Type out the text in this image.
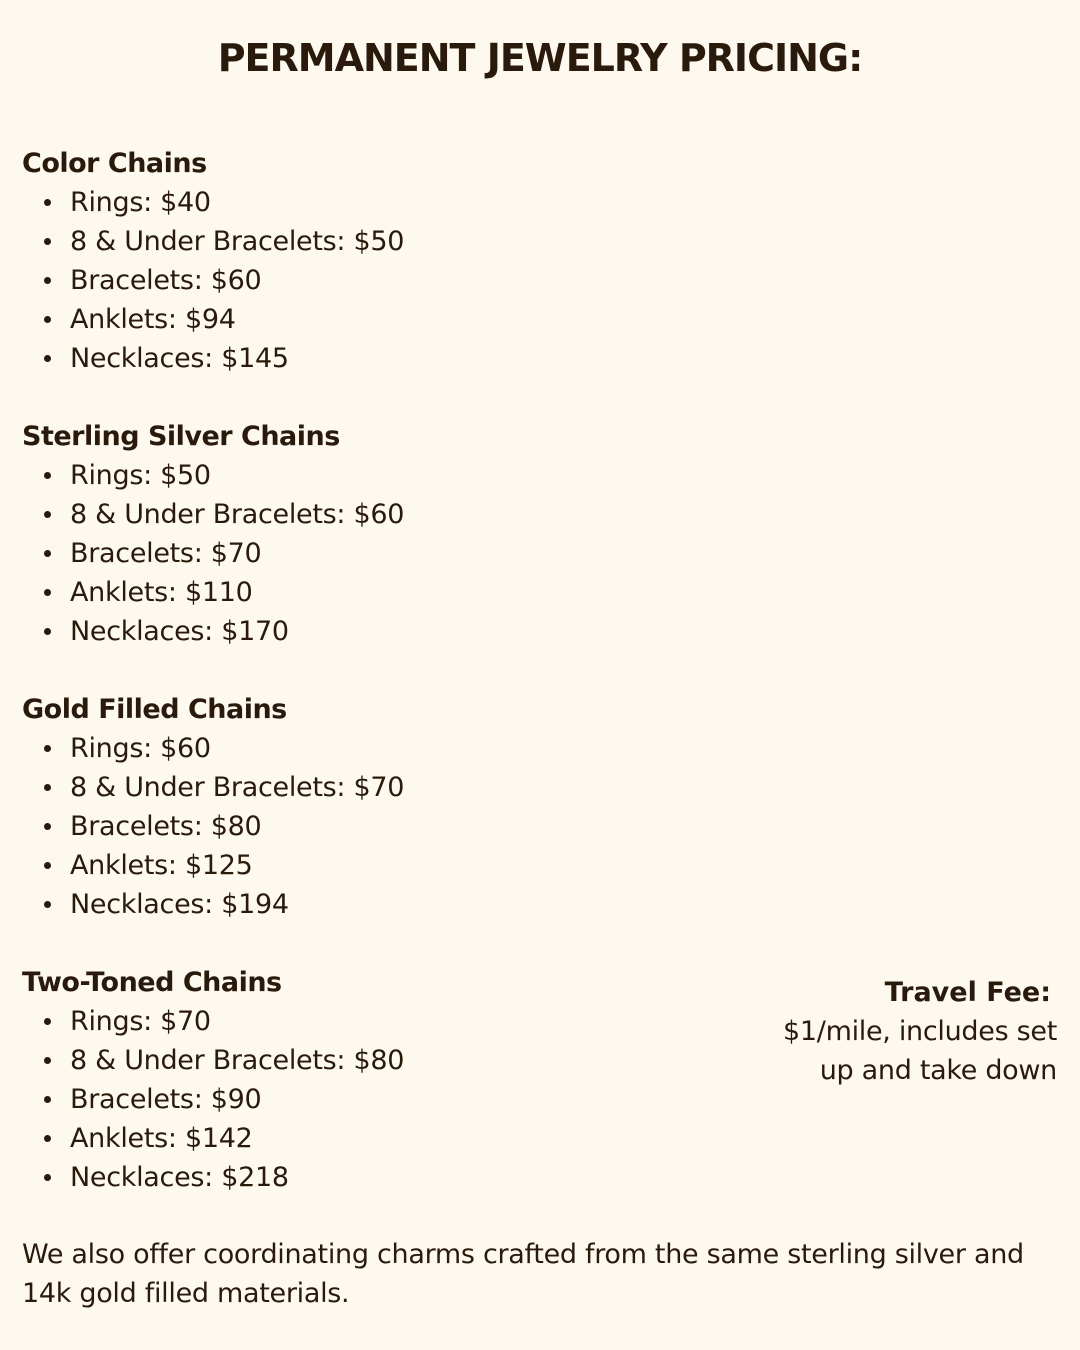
PERMANENT JEWELRY PRICING:
Color Chains
Rings: $40
8 & Under Bracelets: $50
Bracelets: $60
Anklets: $94
Necklaces: $145
Sterling Silver Chains
Rings: $50
8 & Under Bracelets: $60
Bracelets: $70
Anklets: $110
Necklaces: $170
Gold Filled Chains
Rings: $60
8 & Under Bracelets: $70
Bracelets: $80
Anklets: $125
Necklaces: $194
Two-Toned Chains
Rings: $70
8 & Under Bracelets: $80
Bracelets: $90
Anklets: $142
Necklaces: $218

Travel Fee:

$1/mile, includes set

up and take down

We also offer coordinating charms crafted from the same sterling silver and 14k gold filled materials.
